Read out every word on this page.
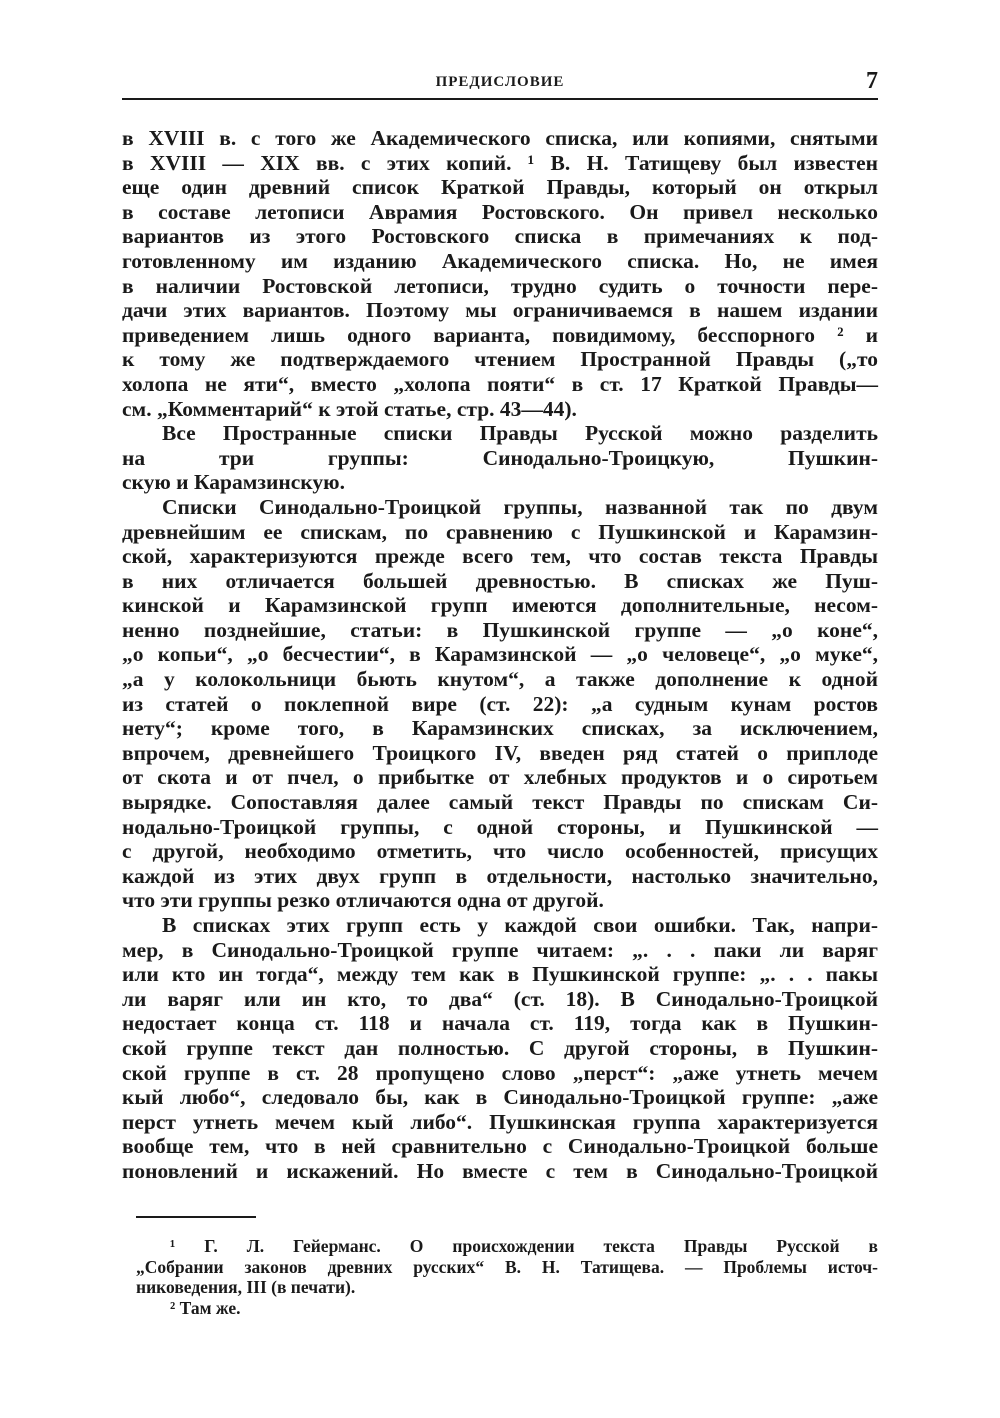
ПРЕДИСЛОВИЕ	7
в XVIII в. с того же Академического списка, или копиями, снятыми
в XVIII — XIX вв. с этих копий. ¹ В. Н. Татищеву был известен
еще один древний список Краткой Правды, который он открыл
в составе летописи Аврамия Ростовского. Он привел несколько
вариантов из этого Ростовского списка в примечаниях к под-
готовленному им изданию Академического списка. Но, не имея
в наличии Ростовской летописи, трудно судить о точности пере-
дачи этих вариантов. Поэтому мы ограничиваемся в нашем издании
приведением лишь одного варианта, повидимому, бесспорного ² и
к тому же подтверждаемого чтением Пространной Правды („то
холопа не яти“, вместо „холопа пояти“ в ст. 17 Краткой Правды—
см. „Комментарий“ к этой статье, стр. 43—44).
Все Пространные списки Правды Русской можно разделить
на три группы: Синодально-Троицкую, Пушкин-
скую и Карамзинскую.
Списки Синодально-Троицкой группы, названной так по двум
древнейшим ее спискам, по сравнению с Пушкинской и Карамзин-
ской, характеризуются прежде всего тем, что состав текста Правды
в них отличается большей древностью. В списках же Пуш-
кинской и Карамзинской групп имеются дополнительные, несом-
ненно позднейшие, статьи: в Пушкинской группе — „о коне“,
„о копьи“, „о бесчестии“, в Карамзинской — „о человеце“, „о муке“,
„а у колокольници бьють кнутом“, а также дополнение к одной
из статей о поклепной вире (ст. 22): „а судным кунам ростов
нету“; кроме того, в Карамзинских списках, за исключением,
впрочем, древнейшего Троицкого IV, введен ряд статей о приплоде
от скота и от пчел, о прибытке от хлебных продуктов и о сиротьем
вырядке. Сопоставляя далее самый текст Правды по спискам Си-
нодально-Троицкой группы, с одной стороны, и Пушкинской —
с другой, необходимо отметить, что число особенностей, присущих
каждой из этих двух групп в отдельности, настолько значительно,
что эти группы резко отличаются одна от другой.
В списках этих групп есть у каждой свои ошибки. Так, напри-
мер, в Синодально-Троицкой группе читаем: „. . . паки ли варяг
или кто ин тогда“, между тем как в Пушкинской группе: „. . . пакы
ли варяг или ин кто, то два“ (ст. 18). В Синодально-Троицкой
недостает конца ст. 118 и начала ст. 119, тогда как в Пушкин-
ской группе текст дан полностью. С другой стороны, в Пушкин-
ской группе в ст. 28 пропущено слово „перст“: „аже утнеть мечем
кый любо“, следовало бы, как в Синодально-Троицкой группе: „аже
перст утнеть мечем кый либо“. Пушкинская группа характеризуется
вообще тем, что в ней сравнительно с Синодально-Троицкой больше
поновлений и искажений. Но вместе с тем в Синодально-Троицкой
¹ Г. Л. Гейерманс. О происхождении текста Правды Русской в
„Собрании законов древних русских“ В. Н. Татищева. — Проблемы источ-
никоведения, III (в печати).
² Там же.
